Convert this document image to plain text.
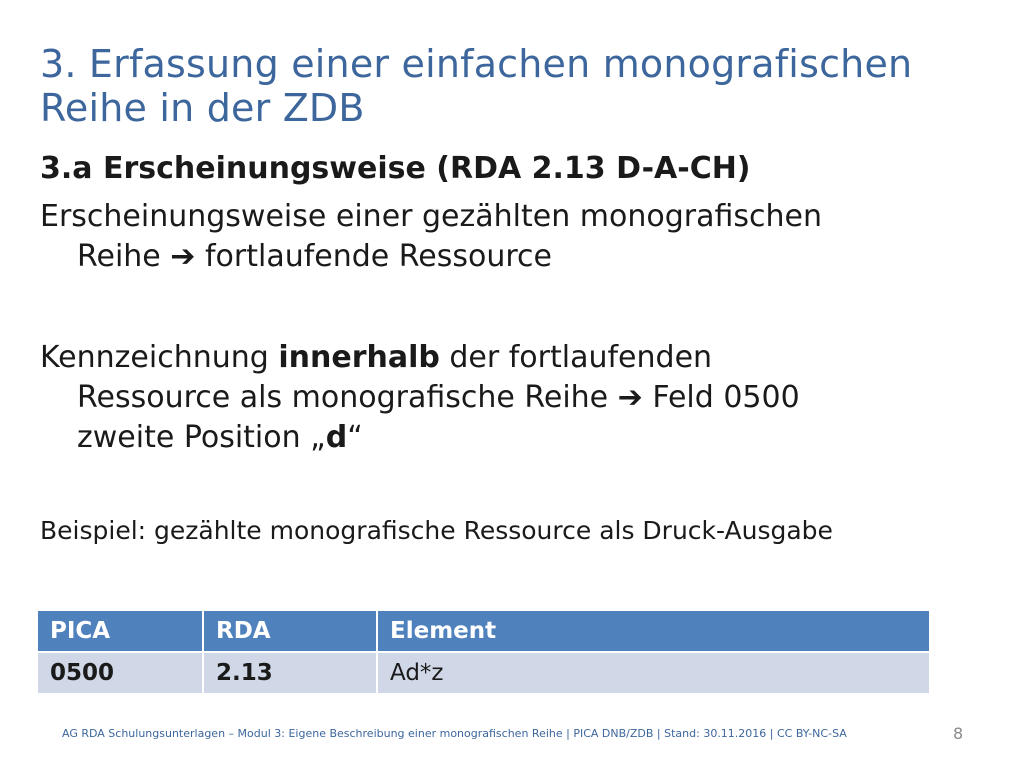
3. Erfassung einer einfachen monografischen
Reihe in der ZDB
3.a Erscheinungsweise (RDA 2.13 D-A-CH)
Erscheinungsweise einer gezählten monografischen
Reihe ➔ fortlaufende Ressource
Kennzeichnung innerhalb der fortlaufenden
Ressource als monografische Reihe ➔ Feld 0500
zweite Position „d“
Beispiel: gezählte monografische Ressource als Druck-Ausgabe
PICA	RDA	Element
0500	2.13	Ad*z
AG RDA Schulungsunterlagen – Modul 3: Eigene Beschreibung einer monografischen Reihe | PICA DNB/ZDB | Stand: 30.11.2016 | CC BY-NC-SA	8
